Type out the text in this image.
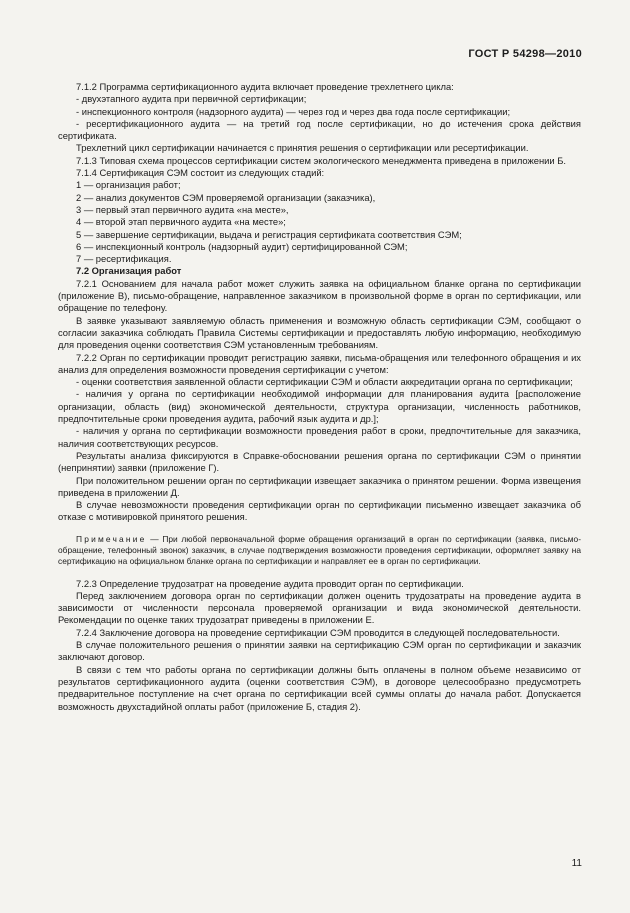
ГОСТ Р 54298—2010

7.1.2 Программа сертификационного аудита включает проведение трехлетнего цикла:

- двухэтапного аудита при первичной сертификации;

- инспекционного контроля (надзорного аудита) — через год и через два года после сертификации;

- ресертификационного аудита — на третий год после сертификации, но до истечения срока действия сертификата.

Трехлетний цикл сертификации начинается с принятия решения о сертификации или ресертификации.

7.1.3 Типовая схема процессов сертификации систем экологического менеджмента приведена в приложении Б.

7.1.4 Сертификация СЭМ состоит из следующих стадий:

1 — организация работ;

2 — анализ документов СЭМ проверяемой организации (заказчика),

3 — первый этап первичного аудита «на месте»,

4 — второй этап первичного аудита «на месте»;

5 — завершение сертификации, выдача и регистрация сертификата соответствия СЭМ;

6 — инспекционный контроль (надзорный аудит) сертифицированной СЭМ;

7 — ресертификация.

7.2 Организация работ

7.2.1 Основанием для начала работ может служить заявка на официальном бланке органа по сертификации (приложение В), письмо-обращение, направленное заказчиком в произвольной форме в орган по сертификации, или обращение по телефону.

В заявке указывают заявляемую область применения и возможную область сертификации СЭМ, сообщают о согласии заказчика соблюдать Правила Системы сертификации и предоставлять любую информацию, необходимую для проведения оценки соответствия СЭМ установленным требованиям.

7.2.2 Орган по сертификации проводит регистрацию заявки, письма-обращения или телефонного обращения и их анализ для определения возможности проведения сертификации с учетом:

- оценки соответствия заявленной области сертификации СЭМ и области аккредитации органа по сертификации;

- наличия у органа по сертификации необходимой информации для планирования аудита [расположение организации, область (вид) экономической деятельности, структура организации, численность работников, предпочтительные сроки проведения аудита, рабочий язык аудита и др.];

- наличия у органа по сертификации возможности проведения работ в сроки, предпочтительные для заказчика, наличия соответствующих ресурсов.

Результаты анализа фиксируются в Справке-обосновании решения органа по сертификации СЭМ о принятии (непринятии) заявки (приложение Г).

При положительном решении орган по сертификации извещает заказчика о принятом решении. Форма извещения приведена в приложении Д.

В случае невозможности проведения сертификации орган по сертификации письменно извещает заказчика об отказе с мотивировкой принятого решения.

Примечание — При любой первоначальной форме обращения организаций в орган по сертификации (заявка, письмо-обращение, телефонный звонок) заказчик, в случае подтверждения возможности проведения сертификации, оформляет заявку на сертификацию на официальном бланке органа по сертификации и направляет ее в орган по сертификации.

7.2.3 Определение трудозатрат на проведение аудита проводит орган по сертификации.

Перед заключением договора орган по сертификации должен оценить трудозатраты на проведение аудита в зависимости от численности персонала проверяемой организации и вида экономической деятельности. Рекомендации по оценке таких трудозатрат приведены в приложении Е.

7.2.4 Заключение договора на проведение сертификации СЭМ проводится в следующей последовательности.

В случае положительного решения о принятии заявки на сертификацию СЭМ орган по сертификации и заказчик заключают договор.

В связи с тем что работы органа по сертификации должны быть оплачены в полном объеме независимо от результатов сертификационного аудита (оценки соответствия СЭМ), в договоре целесообразно предусмотреть предварительное поступление на счет органа по сертификации всей суммы оплаты до начала работ. Допускается возможность двухстадийной оплаты работ (приложение Б, стадия 2).

11
